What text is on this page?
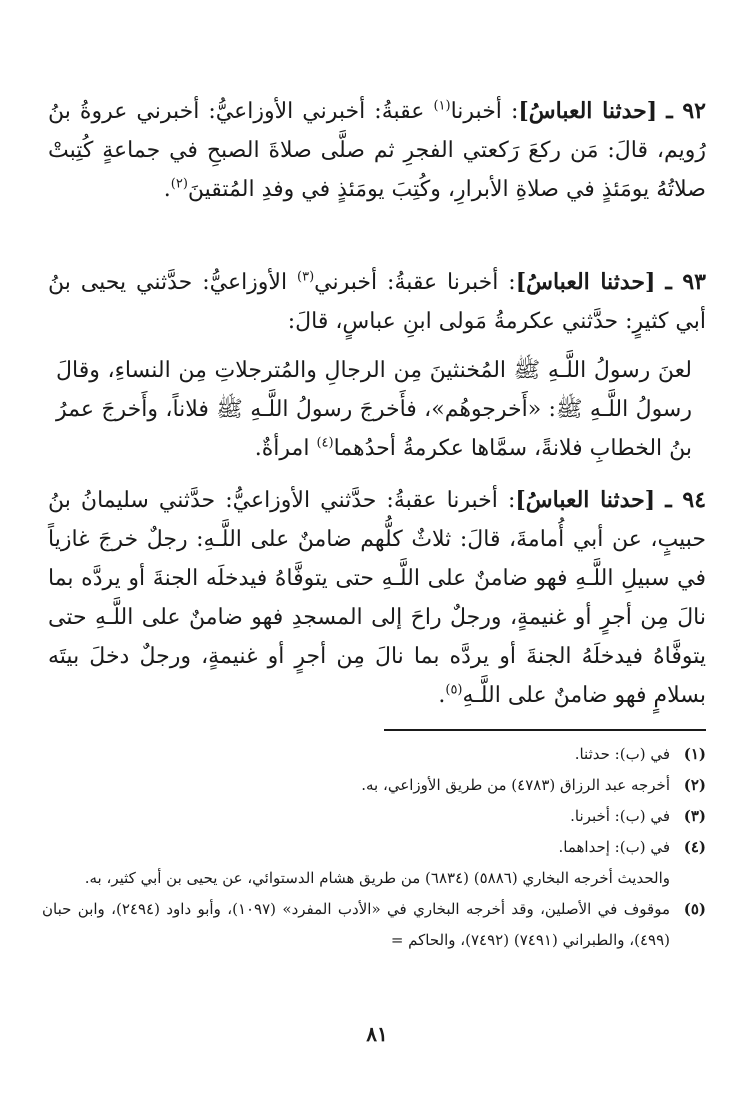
٩٢ ـ [حدثنا العباسُ]: أخبرنا$^{(١)}$ عقبةُ: أخبرني الأوزاعيُّ: أخبرني عروةُ بنُ رُويم، قالَ: مَن ركعَ رَكعتي الفجرِ ثم صلَّى صلاةَ الصبحِ في جماعةٍ كُتِبتْ صلاتُهُ يومَئذٍ في صلاةِ الأبرارِ، وكُتِبَ يومَئذٍ في وفدِ المُتقينَ$^{(٢)}$.

٩٣ ـ [حدثنا العباسُ]: أخبرنا عقبةُ: أخبرني$^{(٣)}$ الأوزاعيُّ: حدَّثني يحيى بنُ أبي كثيرٍ: حدَّثني عكرمةُ مَولى ابنِ عباسٍ، قالَ:

لعنَ رسولُ اللَّـهِ ﷺ المُخنثينَ مِن الرجالِ والمُترجلاتِ مِن النساءِ، وقالَ رسولُ اللَّـهِ ﷺ: «أَخرجوهُم»، فأَخرجَ رسولُ اللَّـهِ ﷺ فلاناً، وأَخرجَ عمرُ بنُ الخطابِ فلانةً، سمَّاها عكرمةُ أحدُهما$^{(٤)}$ امرأةٌ.

٩٤ ـ [حدثنا العباسُ]: أخبرنا عقبةُ: حدَّثني الأوزاعيُّ: حدَّثني سليمانُ بنُ حبيبٍ، عن أبي أُمامةَ، قالَ: ثلاثٌ كلُّهم ضامنٌ على اللَّـهِ: رجلٌ خرجَ غازياً في سبيلِ اللَّـهِ فهو ضامنٌ على اللَّـهِ حتى يتوفَّاهُ فيدخلَه الجنةَ أو يردَّه بما نالَ مِن أجرٍ أو غنيمةٍ، ورجلٌ راحَ إلى المسجدِ فهو ضامنٌ على اللَّـهِ حتى يتوفَّاهُ فيدخلَهُ الجنةَ أو يردَّه بما نالَ مِن أجرٍ أو غنيمةٍ، ورجلٌ دخلَ بيتَه بسلامٍ فهو ضامنٌ على اللَّـهِ$^{(٥)}$.

(١)
في (ب): حدثنا.
(٢)
أخرجه عبد الرزاق (٤٧٨٣) من طريق الأوزاعي، به.
(٣)
في (ب): أخبرنا.
(٤)
في (ب): إحداهما.
والحديث أخرجه البخاري (٥٨٨٦) (٦٨٣٤) من طريق هشام الدستوائي، عن يحيى بن أبي كثير، به.
(٥)
موقوف في الأصلين، وقد أخرجه البخاري في «الأدب المفرد» (١٠٩٧)، وأبو داود (٢٤٩٤)، وابن حبان (٤٩٩)، والطبراني (٧٤٩١) (٧٤٩٢)، والحاكم =
٨١
